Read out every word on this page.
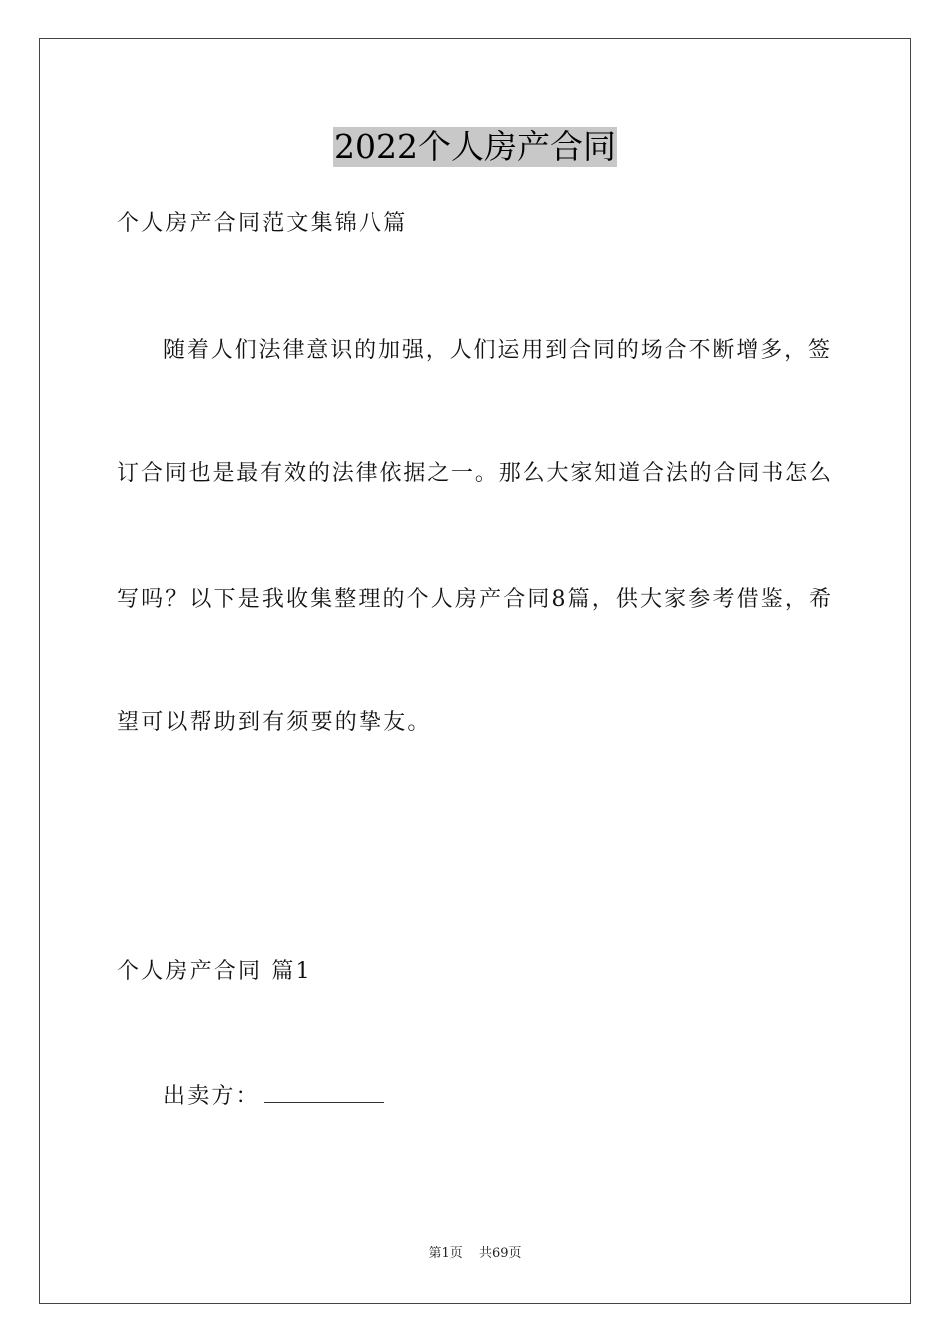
2022个人房产合同
个人房产合同范文集锦八篇
随着人们法律意识的加强，人们运用到合同的场合不断增多，签
订合同也是最有效的法律依据之一。那么大家知道合法的合同书怎么
写吗？以下是我收集整理的个人房产合同8篇，供大家参考借鉴，希
望可以帮助到有须要的挚友。
个人房产合同 篇1
出卖方：
第1页 共69页
